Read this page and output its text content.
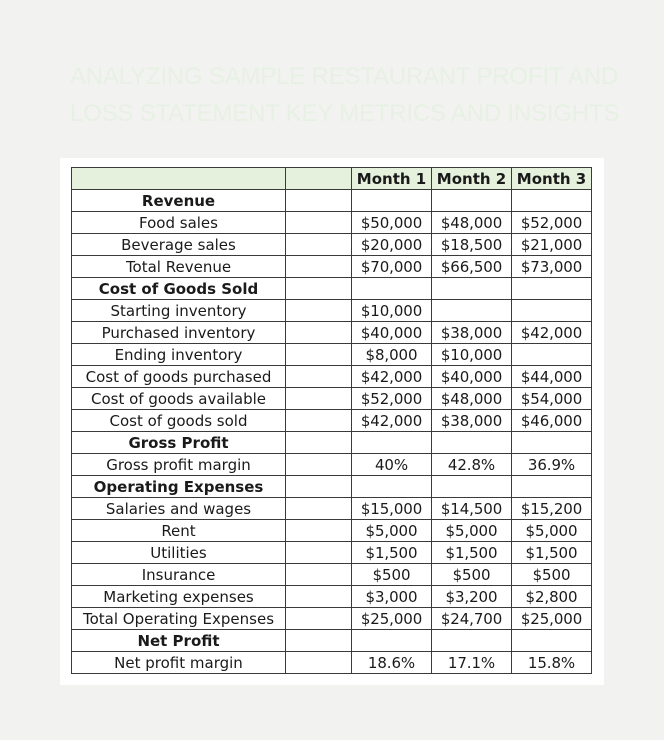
ANALYZING SAMPLE RESTAURANT PROFIT AND LOSS STATEMENT KEY METRICS AND INSIGHTS
		Month 1	Month 2	Month 3
Revenue				
Food sales		$50,000	$48,000	$52,000
Beverage sales		$20,000	$18,500	$21,000
Total Revenue		$70,000	$66,500	$73,000
Cost of Goods Sold				
Starting inventory		$10,000		
Purchased inventory		$40,000	$38,000	$42,000
Ending inventory		$8,000	$10,000	
Cost of goods purchased		$42,000	$40,000	$44,000
Cost of goods available		$52,000	$48,000	$54,000
Cost of goods sold		$42,000	$38,000	$46,000
Gross Profit				
Gross profit margin		40%	42.8%	36.9%
Operating Expenses				
Salaries and wages		$15,000	$14,500	$15,200
Rent		$5,000	$5,000	$5,000
Utilities		$1,500	$1,500	$1,500
Insurance		$500	$500	$500
Marketing expenses		$3,000	$3,200	$2,800
Total Operating Expenses		$25,000	$24,700	$25,000
Net Profit				
Net profit margin		18.6%	17.1%	15.8%
